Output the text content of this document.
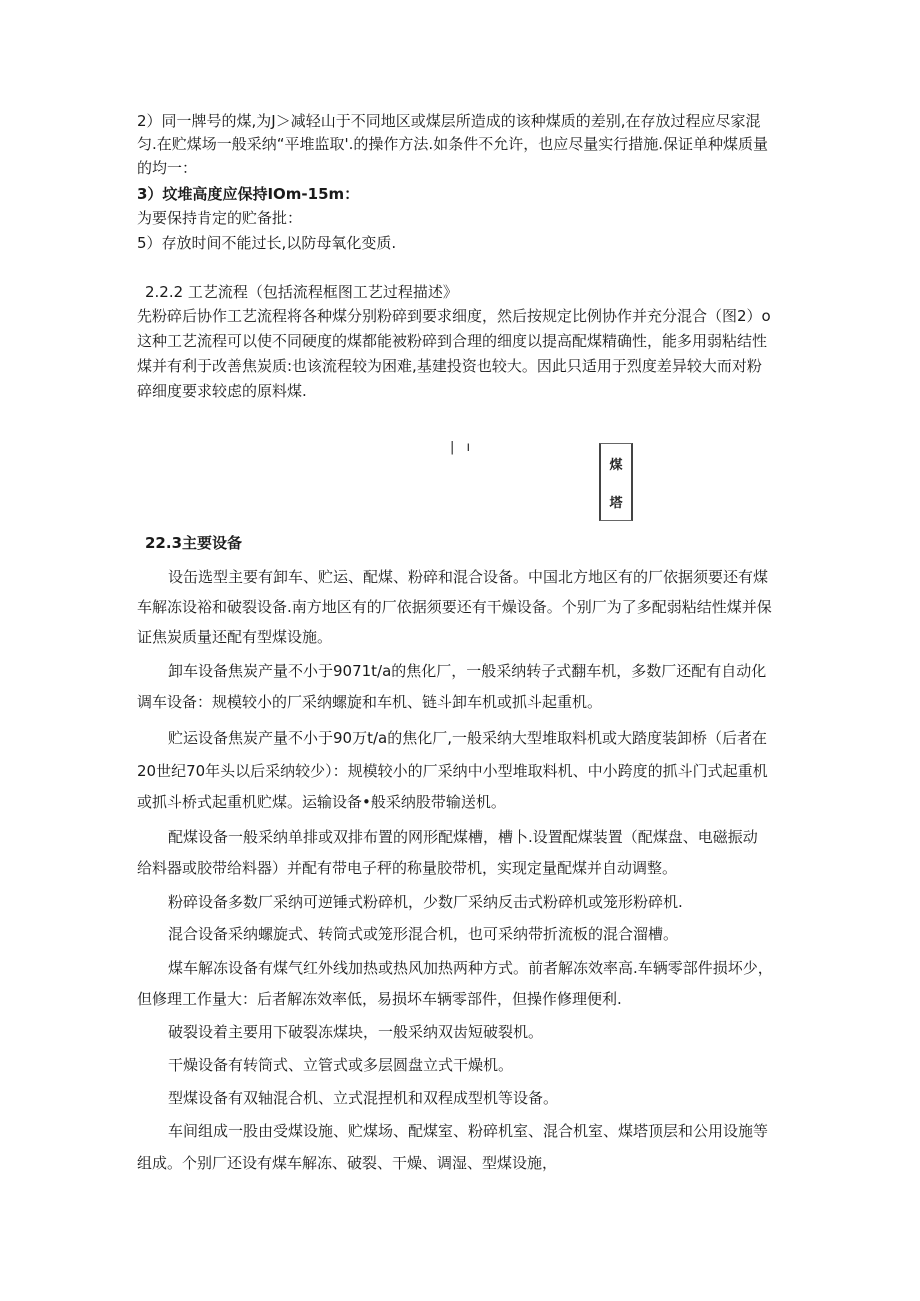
2）同一牌号的煤,为J＞减轻山于不同地区或煤层所造成的该种煤质的差别,在存放过程应尽家混
匀.在贮煤场一般采纳“平堆监取'.的操作方法.如条件不允许，也应尽量实行措施.保证单种煤质量
的均一：
3）坟堆高度应保持IOm-15m：
为要保持肯定的贮备批：
5）存放时间不能过长,以防母氧化变质.
2.2.2 工艺流程（包括流程框图工艺过程描述》
先粉碎后协作工艺流程将各种煤分别粉碎到要求细度，然后按规定比例协作并充分混合（图2）o
这种工艺流程可以使不同硬度的煤都能被粉碎到合理的细度以提高配煤精确性，能多用弱粘结性
煤并有利于改善焦炭质:也该流程较为困难,基建投资也较大。因此只适用于烈度差异较大而对粉
碎细度要求较虑的原料煤.
| ı
煤
塔
22.3主要设备
设缶选型主要有卸车、贮运、配煤、粉碎和混合设备。中国北方地区有的厂依据须要还有煤
车解冻设裕和破裂设备.南方地区有的厂依据须要还有干燥设备。个别厂为了多配弱粘结性煤并保
证焦炭质量还配有型煤设施。
卸车设备焦炭产量不小于9071t/a的焦化厂，一般采纳转子式翻车机，多数厂还配有自动化
调车设备：规模较小的厂采纳螺旋和车机、链斗卸车机或抓斗起重机。
贮运设备焦炭产量不小于90万t/a的焦化厂,一般采纳大型堆取料机或大踏度装卸桥（后者在
20世纪70年头以后采纳较少）：规模较小的厂采纳中小型堆取料机、中小跨度的抓斗门式起重机
或抓斗桥式起重机贮煤。运输设备•般采纳股带输送机。
配煤设备一般采纳单排或双排布置的网形配煤槽，槽卜.设置配煤装置（配煤盘、电磁振动
给料器或胶带给料器）并配有带电子秤的称量胶带机，实现定量配煤并自动调整。
粉碎设备多数厂采纳可逆锤式粉碎机，少数厂采纳反击式粉碎机或笼形粉碎机.
混合设备采纳螺旋式、转筒式或笼形混合机，也可采纳带折流板的混合溜槽。
煤车解冻设备有煤气红外线加热或热风加热两种方式。前者解冻效率高.车辆零部件损坏少，
但修理工作量大：后者解冻效率低，易损坏车辆零部件，但操作修理便利.
破裂设着主要用下破裂冻煤块，一般采纳双齿短破裂机。
干燥设备有转筒式、立管式或多层圆盘立式干燥机。
型煤设备有双轴混合机、立式混捏机和双程成型机等设备。
车间组成一股由受煤设施、贮煤场、配煤室、粉碎机室、混合机室、煤塔顶层和公用设施等
组成。个别厂还设有煤车解冻、破裂、干燥、调湿、型煤设施，
